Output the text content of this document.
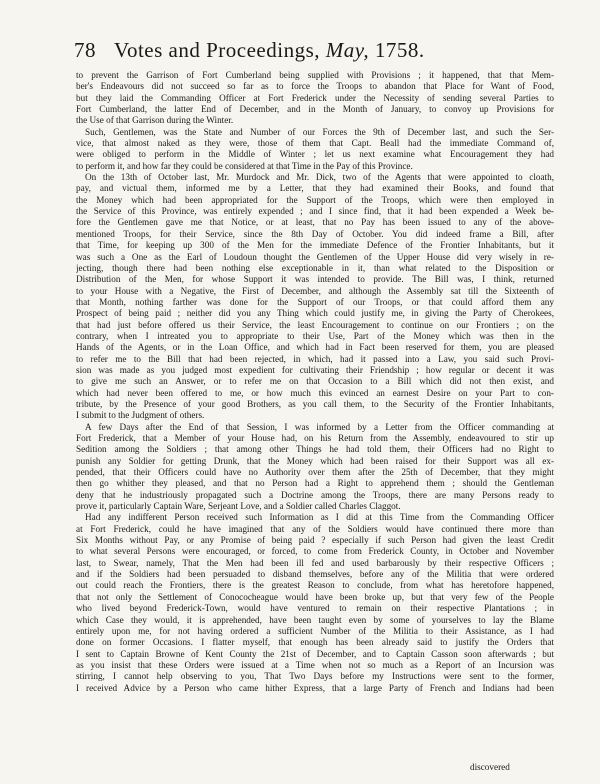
78 Votes and Proceedings, May, 1758.
to prevent the Garrison of Fort Cumberland being supplied with Provisions ; it happened, that that Mem-
ber's Endeavours did not succeed so far as to force the Troops to abandon that Place for Want of Food,
but they laid the Commanding Officer at Fort Frederick under the Necessity of sending several Parties to
Fort Cumberland, the latter End of December, and in the Month of January, to convoy up Provisions for
the Use of that Garrison during the Winter.
Such, Gentlemen, was the State and Number of our Forces the 9th of December last, and such the Ser-
vice, that almost naked as they were, those of them that Capt. Beall had the immediate Command of,
were obliged to perform in the Middle of Winter ; let us next examine what Encouragement they had
to perform it, and how far they could be considered at that Time in the Pay of this Province.
On the 13th of October last, Mr. Murdock and Mr. Dick, two of the Agents that were appointed to cloath,
pay, and victual them, informed me by a Letter, that they had examined their Books, and found that
the Money which had been appropriated for the Support of the Troops, which were then employed in
the Service of this Province, was entirely expended ; and I since find, that it had been expended a Week be-
fore the Gentlemen gave me that Notice, or at least, that no Pay has been issued to any of the above-
mentioned Troops, for their Service, since the 8th Day of October. You did indeed frame a Bill, after
that Time, for keeping up 300 of the Men for the immediate Defence of the Frontier Inhabitants, but it
was such a One as the Earl of Loudoun thought the Gentlemen of the Upper House did very wisely in re-
jecting, though there had been nothing else exceptionable in it, than what related to the Disposition or
Distribution of the Men, for whose Support it was intended to provide. The Bill was, I think, returned
to your House with a Negative, the First of December, and although the Assembly sat till the Sixteenth of
that Month, nothing farther was done for the Support of our Troops, or that could afford them any
Prospect of being paid ; neither did you any Thing which could justify me, in giving the Party of Cherokees,
that had just before offered us their Service, the least Encouragement to continue on our Frontiers ; on the
contrary, when I intreated you to appropriate to their Use, Part of the Money which was then in the
Hands of the Agents, or in the Loan Office, and which had in Fact been reserved for them, you are pleased
to refer me to the Bill that had been rejected, in which, had it passed into a Law, you said such Provi-
sion was made as you judged most expedient for cultivating their Friendship ; how regular or decent it was
to give me such an Answer, or to refer me on that Occasion to a Bill which did not then exist, and
which had never been offered to me, or how much this evinced an earnest Desire on your Part to con-
tribute, by the Presence of your good Brothers, as you call them, to the Security of the Frontier Inhabitants,
I submit to the Judgment of others.
A few Days after the End of that Session, I was informed by a Letter from the Officer commanding at
Fort Frederick, that a Member of your House had, on his Return from the Assembly, endeavoured to stir up
Sedition among the Soldiers ; that among other Things he had told them, their Officers had no Right to
punish any Soldier for getting Drunk, that the Money which had been raised for their Support was all ex-
pended, that their Officers could have no Authority over them after the 25th of December, that they might
then go whither they pleased, and that no Person had a Right to apprehend them ; should the Gentleman
deny that he industriously propagated such a Doctrine among the Troops, there are many Persons ready to
prove it, particularly Captain Ware, Serjeant Love, and a Soldier called Charles Claggot.
Had any indifferent Person received such Information as I did at this Time from the Commanding Officer
at Fort Frederick, could he have imagined that any of the Soldiers would have continued there more than
Six Months without Pay, or any Promise of being paid ? especially if such Person had given the least Credit
to what several Persons were encouraged, or forced, to come from Frederick County, in October and November
last, to Swear, namely, That the Men had been ill fed and used barbarously by their respective Officers ;
and if the Soldiers had been persuaded to disband themselves, before any of the Militia that were ordered
out could reach the Frontiers, there is the greatest Reason to conclude, from what has heretofore happened,
that not only the Settlement of Conococheague would have been broke up, but that very few of the People
who lived beyond Frederick-Town, would have ventured to remain on their respective Plantations ; in
which Case they would, it is apprehended, have been taught even by some of yourselves to lay the Blame
entirely upon me, for not having ordered a sufficient Number of the Militia to their Assistance, as I had
done on former Occasions. I flatter myself, that enough has been already said to justify the Orders that
I sent to Captain Browne of Kent County the 21st of December, and to Captain Casson soon afterwards ; but
as you insist that these Orders were issued at a Time when not so much as a Report of an Incursion was
stirring, I cannot help observing to you, That Two Days before my Instructions were sent to the former,
I received Advice by a Person who came hither Express, that a large Party of French and Indians had been
discovered
